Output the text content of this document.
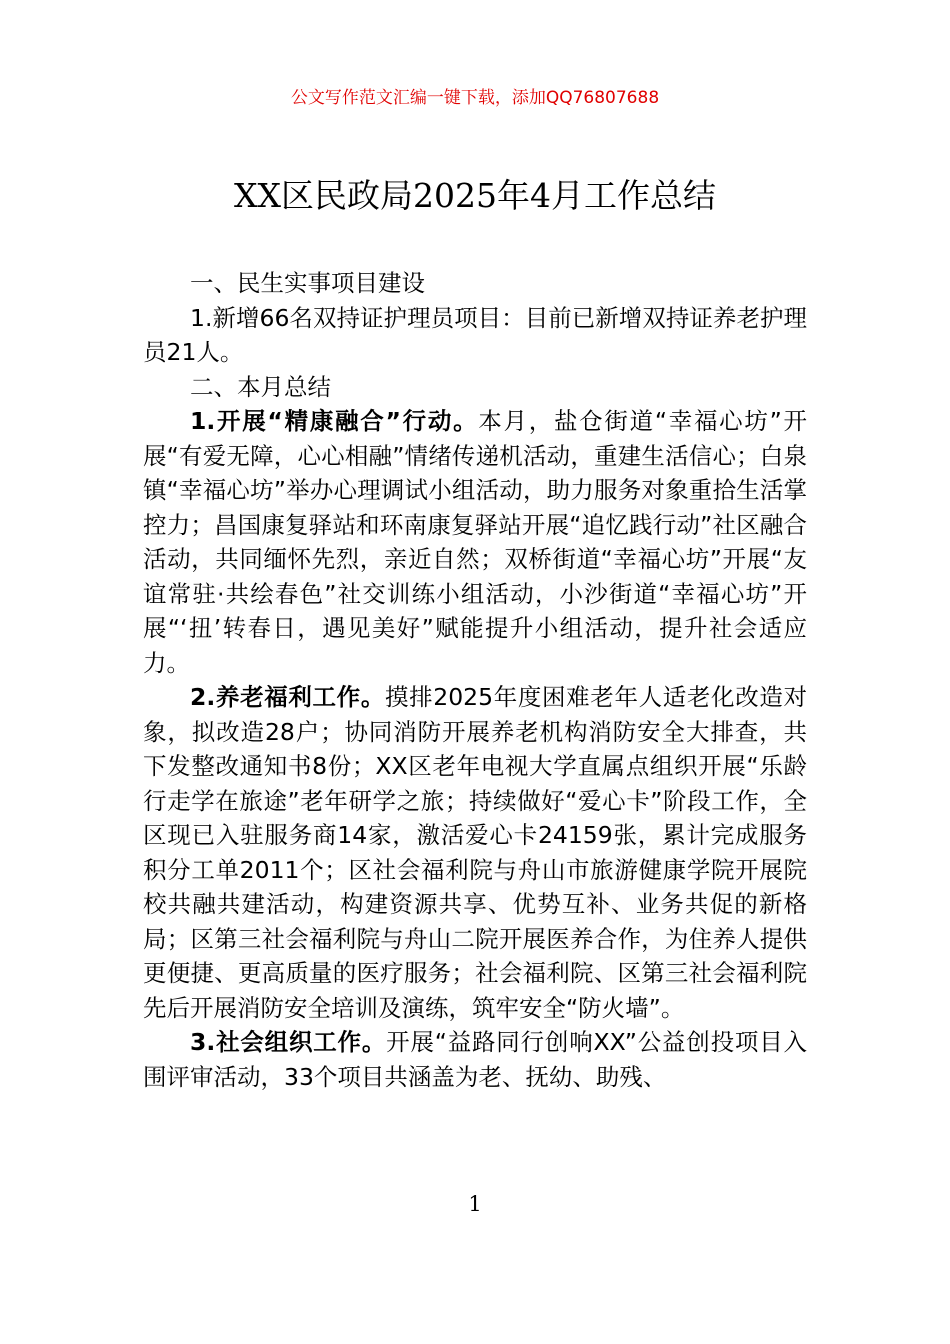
公文写作范文汇编一键下载，添加QQ76807688
XX区民政局2025年4月工作总结

一、民生实事项目建设

1.新增66名双持证护理员项目：目前已新增双持证养老护理员21人。

二、本月总结

1.开展“精康融合”行动。本月，盐仓街道“幸福心坊”开展“有爱无障，心心相融”情绪传递机活动，重建生活信心；白泉镇“幸福心坊”举办心理调试小组活动，助力服务对象重拾生活掌控力；昌国康复驿站和环南康复驿站开展“追忆践行动”社区融合活动，共同缅怀先烈，亲近自然；双桥街道“幸福心坊”开展“友谊常驻·共绘春色”社交训练小组活动，小沙街道“幸福心坊”开展“‘扭’转春日，遇见美好”赋能提升小组活动，提升社会适应力。

2.养老福利工作。摸排2025年度困难老年人适老化改造对象，拟改造28户；协同消防开展养老机构消防安全大排查，共下发整改通知书8份；XX区老年电视大学直属点组织开展“乐龄行走学在旅途”老年研学之旅；持续做好“爱心卡”阶段工作，全区现已入驻服务商14家，激活爱心卡24159张，累计完成服务积分工单2011个；区社会福利院与舟山市旅游健康学院开展院校共融共建活动，构建资源共享、优势互补、业务共促的新格局；区第三社会福利院与舟山二院开展医养合作，为住养人提供更便捷、更高质量的医疗服务；社会福利院、区第三社会福利院先后开展消防安全培训及演练，筑牢安全“防火墙”。

3.社会组织工作。开展“益路同行创响XX”公益创投项目入围评审活动，33个项目共涵盖为老、抚幼、助残、

1
